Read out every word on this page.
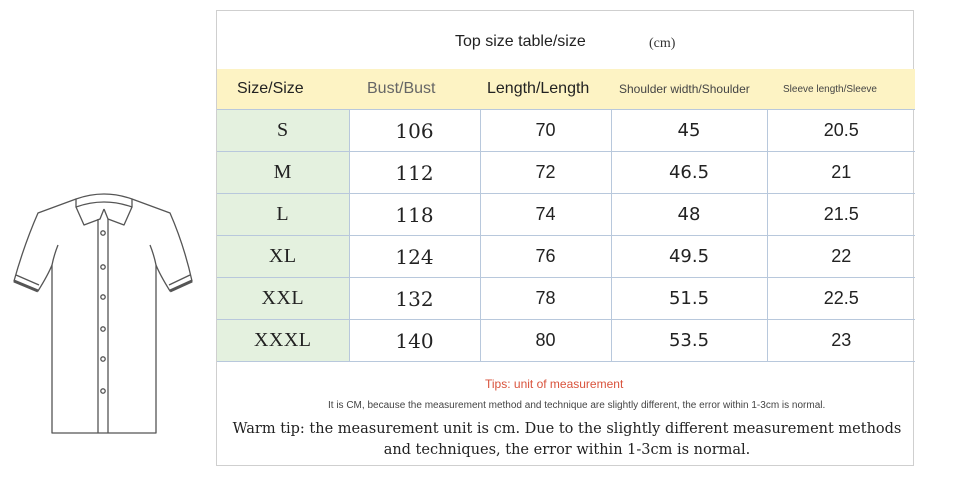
Top size table/size	(cm)
Size/Size	Bust/Bust	Length/Length	Shoulder width/Shoulder	Sleeve length/Sleeve
S	106	70	45	20.5
M	112	72	46.5	21
L	118	74	48	21.5
XL	124	76	49.5	22
XXL	132	78	51.5	22.5
XXXL	140	80	53.5	23
Tips: unit of measurement
It is CM, because the measurement method and technique are slightly different, the error within 1-3cm is normal.
Warm tip: the measurement unit is cm. Due to the slightly different measurement methods and techniques, the error within 1-3cm is normal.
